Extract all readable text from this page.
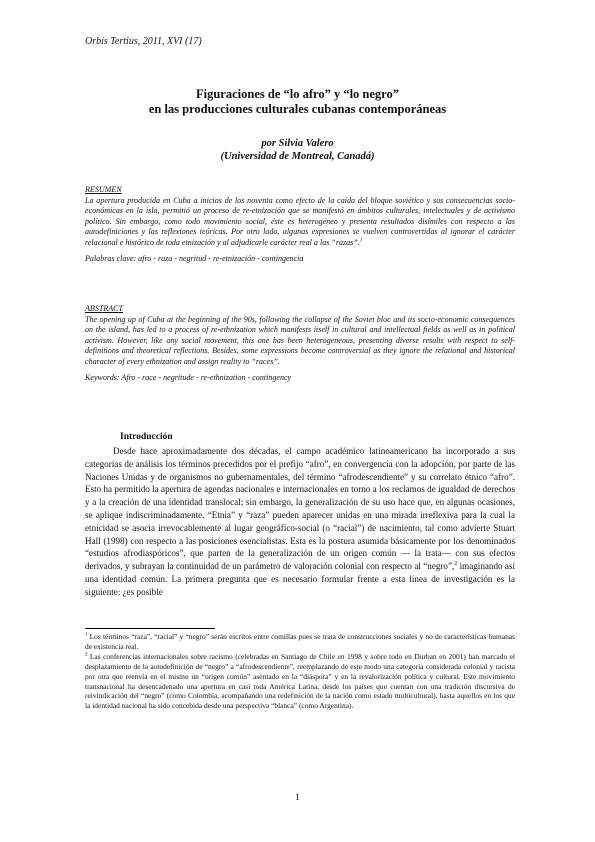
Orbis Tertius, 2011, XVI (17)
Figuraciones de “lo afro” y “lo negro”
en las producciones culturales cubanas contemporáneas
por Silvia Valero
(Universidad de Montreal, Canadá)
RESUMEN
La apertura producida en Cuba a inicios de los noventa como efecto de la caída del bloque soviético y sus consecuencias socio-económicas en la isla, permitió un proceso de re-etnización que se manifestó en ámbitos culturales, intelectuales y de activismo político. Sin embargo, como todo movimiento social, éste es heterogéneo y presenta resultados disímiles con respecto a las autodefiniciones y las reflexiones teóricas. Por otro lado, algunas expresiones se vuelven controvertidas al ignorar el carácter relacional e histórico de toda etnización y al adjudicarle carácter real a las “razas”.$^1$
Palabras clave: afro - raza - negritud - re-etnización - contingencia
ABSTRACT
The opening up of Cuba at the beginning of the 90s, following the collapse of the Soviet bloc and its socio-economic consequences on the island, has led to a process of re-ethnization which manifests itself in cultural and intellectual fields as well as in political activism. However, like any social movement, this one has been heterogeneous, presenting diverse results with respect to self-definitions and theoretical reflections. Besides, some expressions become controversial as they ignore the relational and historical character of every ethnization and assign reality to “races”.
Keywords: Afro - race - negritude - re-ethnization - contingency
Introducción
Desde hace aproximadamente dos décadas, el campo académico latinoamericano ha incorporado a sus categorías de análisis los términos precedidos por el prefijo “afro”, en convergencia con la adopción, por parte de las Naciones Unidas y de organismos no gubernamentales, del término “afrodescendiente” y su correlato étnico “afro”. Esto ha permitido la apertura de agendas nacionales e internacionales en torno a los reclamos de igualdad de derechos y a la creación de una identidad translocal; sin embargo, la generalización de su uso hace que, en algunas ocasiones, se aplique indiscriminadamente. “Etnia” y “raza” pueden aparecer unidas en una mirada irreflexiva para la cual la etnicidad se asocia irrevocablemente al lugar geográfico-social (o “racial”) de nacimiento, tal como advierte Stuart Hall (1998) con respecto a las posiciones esencialistas. Esta es la postura asumida básicamente por los denominados “estudios afrodiaspóricos”, que parten de la generalización de un origen común — la trata— con sus efectos derivados, y subrayan la continuidad de un parámetro de valoración colonial con respecto al “negro”,$^2$ imaginando así una identidad común. La primera pregunta que es necesario formular frente a esta línea de investigación es la siguiente: ¿es posible

$^1$ Los términos “raza”, “racial” y “negro” serán escritos entre comillas pues se trata de construcciones sociales y no de características humanas de existencia real.

$^2$ Las conferencias internacionales sobre racismo (celebradas en Santiago de Chile en 1998 y sobre todo en Durban en 2001) han marcado el desplazamiento de la autodefinición de “negro” a “afrodescendiente”, reemplazando de este modo una categoría considerada colonial y racista por otra que reenvía en el mismo un “origen común” asentado en la “diáspora” y en la revalorización política y cultural. Este movimiento transnacional ha desencadenado una apertura en casi toda América Latina, desde los países que cuentan con una tradición discursiva de reivindicación del “negro” (como Colombia, acompañando una redefinición de la nación como estado multicultural), hasta aquellos en los que la identidad nacional ha sido concebida desde una perspectiva “blanca” (como Argentina).

1
